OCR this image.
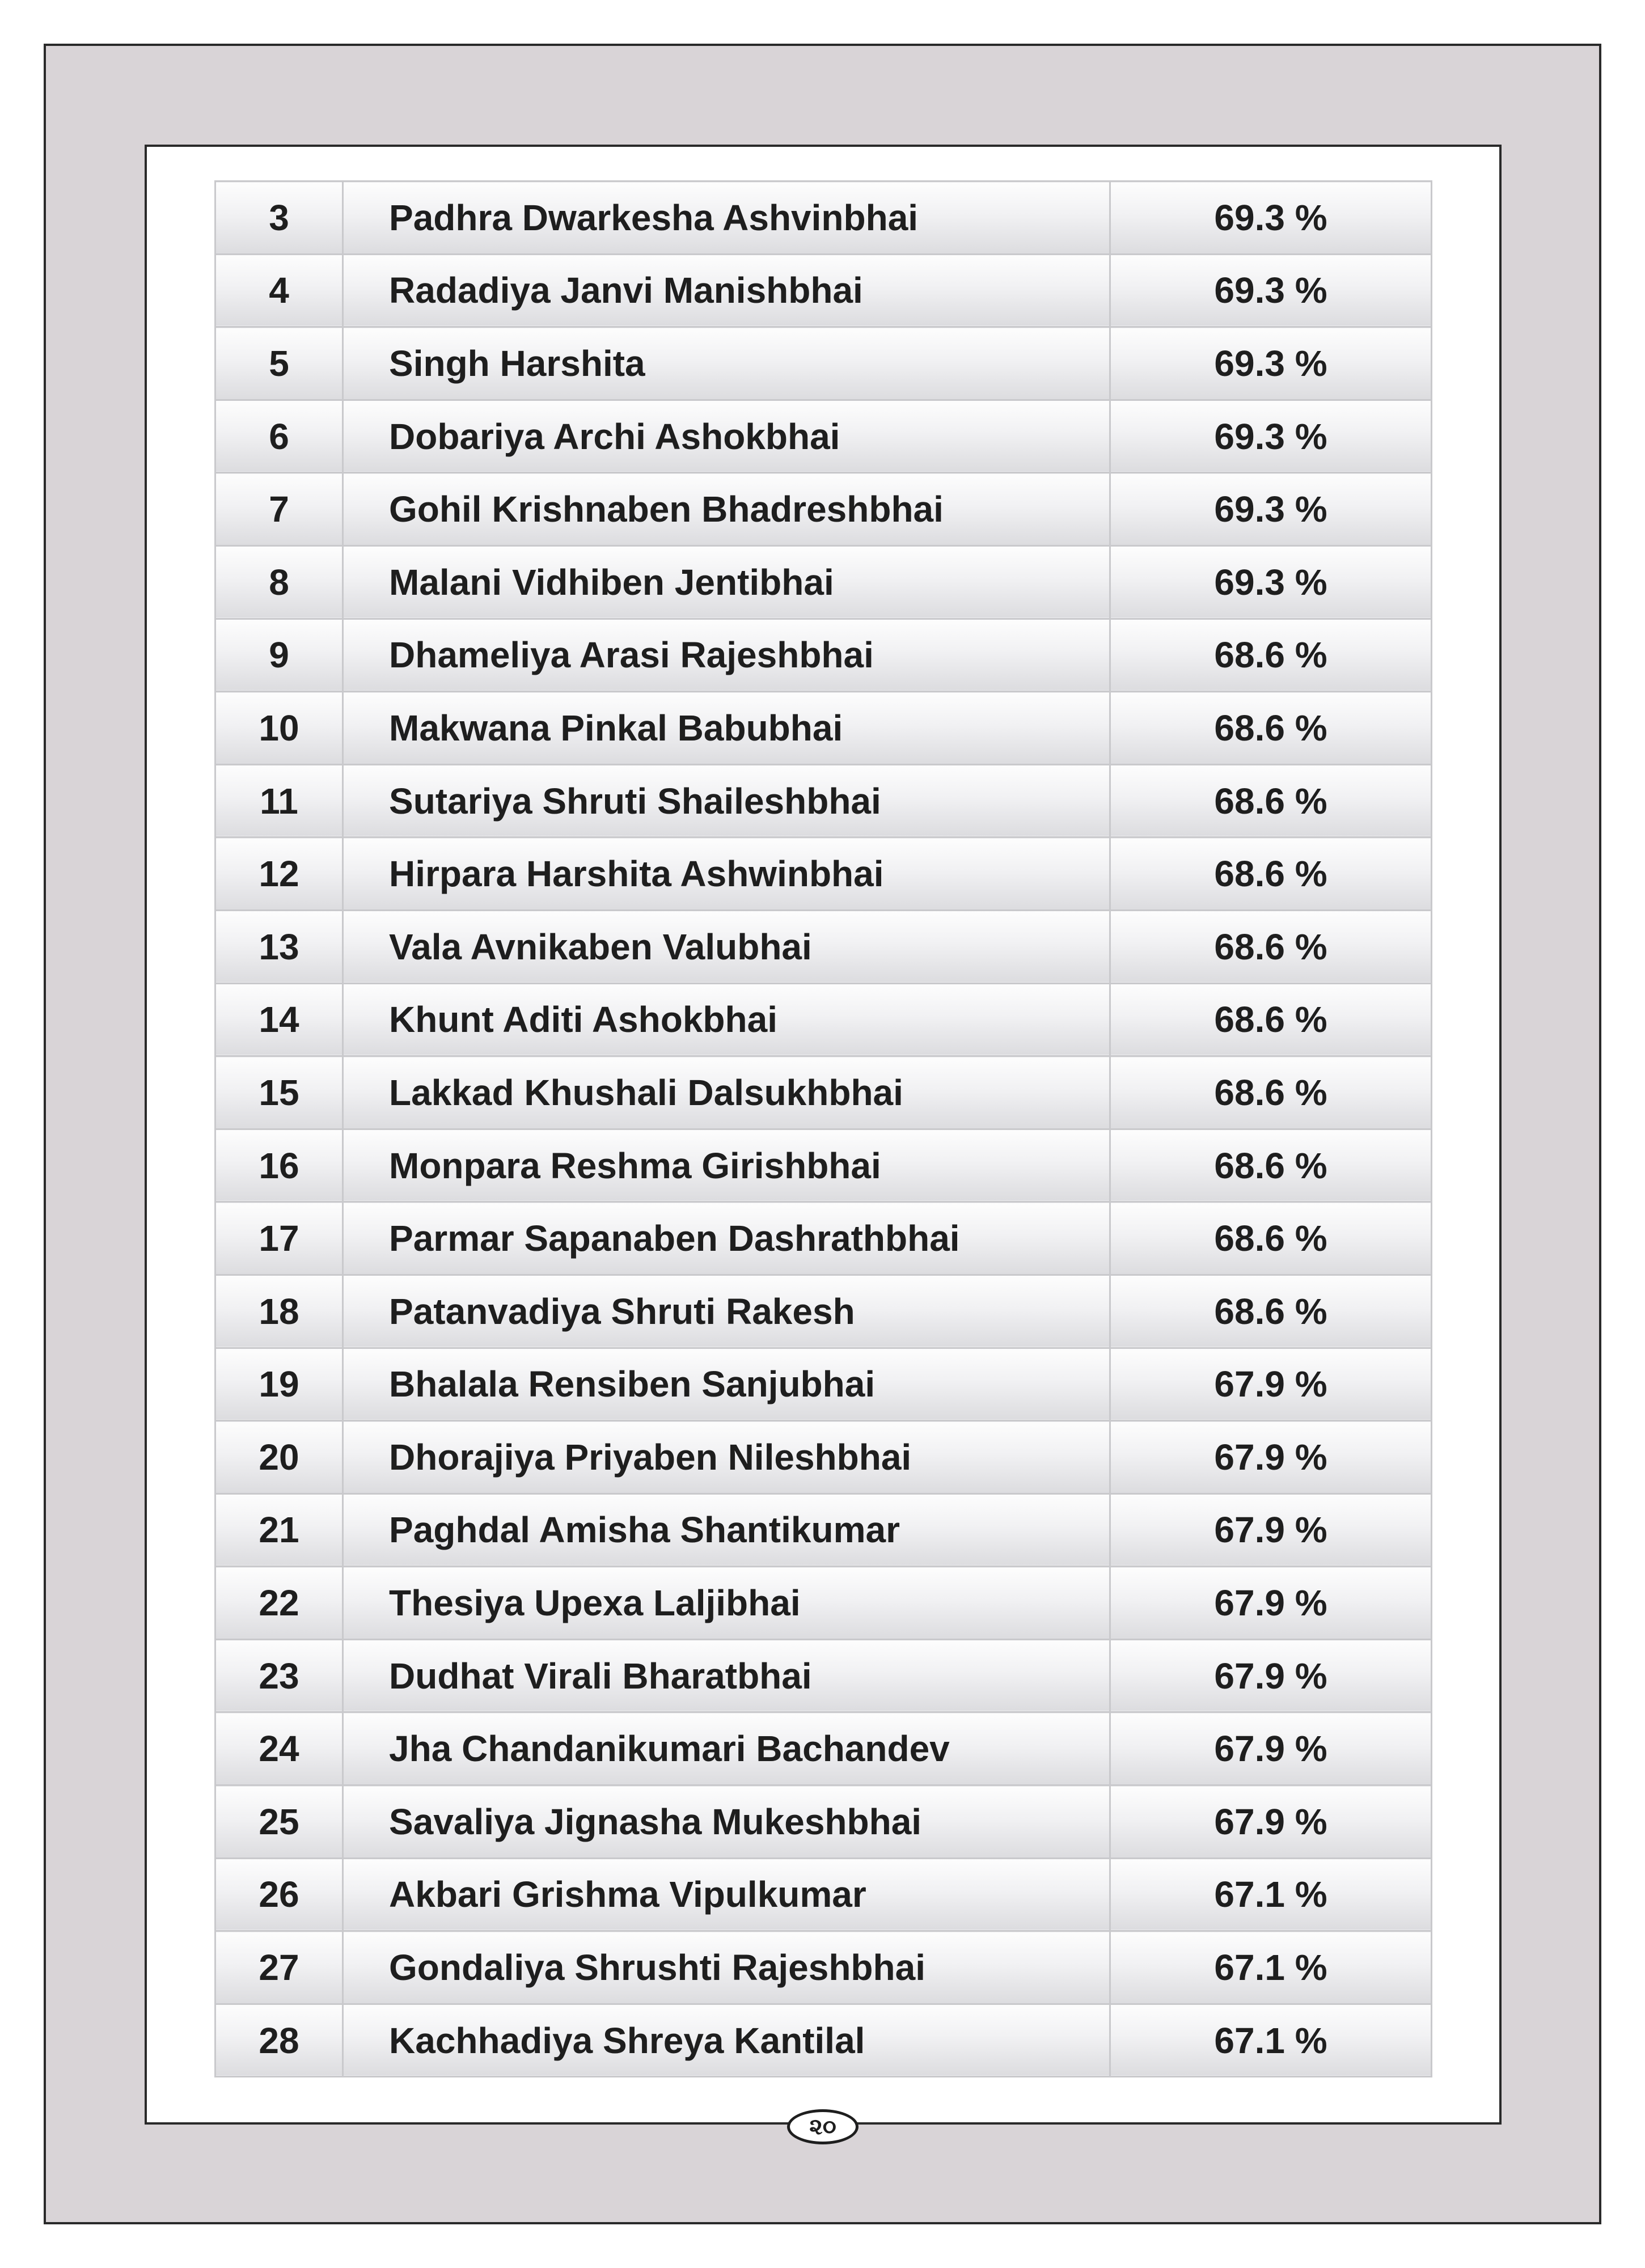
3	Padhra Dwarkesha Ashvinbhai	69.3 %
4	Radadiya Janvi Manishbhai	69.3 %
5	Singh Harshita	69.3 %
6	Dobariya Archi Ashokbhai	69.3 %
7	Gohil Krishnaben Bhadreshbhai	69.3 %
8	Malani Vidhiben Jentibhai	69.3 %
9	Dhameliya Arasi Rajeshbhai	68.6 %
10	Makwana Pinkal Babubhai	68.6 %
11	Sutariya Shruti Shaileshbhai	68.6 %
12	Hirpara Harshita Ashwinbhai	68.6 %
13	Vala Avnikaben Valubhai	68.6 %
14	Khunt Aditi Ashokbhai	68.6 %
15	Lakkad Khushali Dalsukhbhai	68.6 %
16	Monpara Reshma Girishbhai	68.6 %
17	Parmar Sapanaben Dashrathbhai	68.6 %
18	Patanvadiya Shruti Rakesh	68.6 %
19	Bhalala Rensiben Sanjubhai	67.9 %
20	Dhorajiya Priyaben Nileshbhai	67.9 %
21	Paghdal Amisha Shantikumar	67.9 %
22	Thesiya Upexa Laljibhai	67.9 %
23	Dudhat Virali Bharatbhai	67.9 %
24	Jha Chandanikumari Bachandev	67.9 %
25	Savaliya Jignasha Mukeshbhai	67.9 %
26	Akbari Grishma Vipulkumar	67.1 %
27	Gondaliya Shrushti Rajeshbhai	67.1 %
28	Kachhadiya Shreya Kantilal	67.1 %
૨૦
